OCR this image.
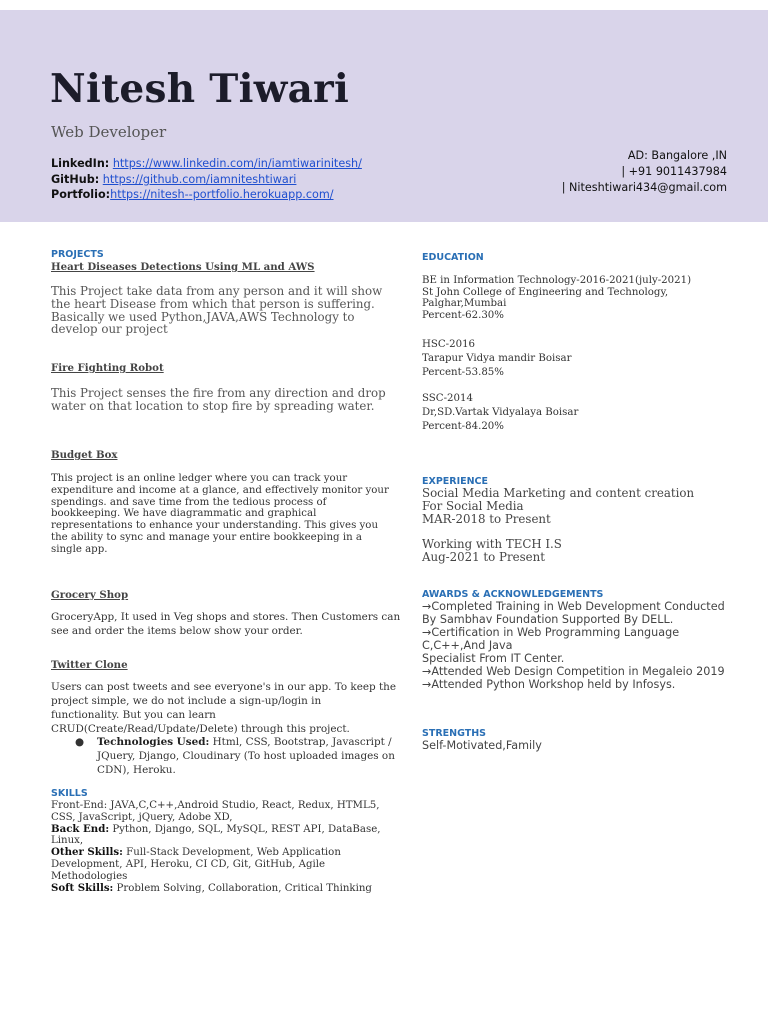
Nitesh Tiwari
Web Developer
LinkedIn: https://www.linkedin.com/in/iamtiwarinitesh/
GitHub: https://github.com/iamniteshtiwari
Portfolio:https://nitesh--portfolio.herokuapp.com/
AD: Bangalore ,IN
| +91 9011437984
| Niteshtiwari434@gmail.com
PROJECTS
Heart Diseases Detections Using ML and AWS
This Project take data from any person and it will show
the heart Disease from which that person is suffering.
Basically we used Python,JAVA,AWS Technology to
develop our project
Fire Fighting Robot
This Project senses the fire from any direction and drop
water on that location to stop fire by spreading water.
Budget Box
This project is an online ledger where you can track your
expenditure and income at a glance, and effectively monitor your
spendings. and save time from the tedious process of
bookkeeping. We have diagrammatic and graphical
representations to enhance your understanding. This gives you
the ability to sync and manage your entire bookkeeping in a
single app.
Grocery Shop
GroceryApp, It used in Veg shops and stores. Then Customers can
see and order the items below show your order.
Twitter Clone
Users can post tweets and see everyone's in our app. To keep the
project simple, we do not include a sign-up/login in
functionality. But you can learn
CRUD(Create/Read/Update/Delete) through this project.
● Technologies Used: Html, CSS, Bootstrap, Javascript /
JQuery, Django, Cloudinary (To host uploaded images on
CDN), Heroku.
SKILLS
Front-End: JAVA,C,C++,Android Studio, React, Redux, HTML5,
CSS, JavaScript, jQuery, Adobe XD,
Back End: Python, Django, SQL, MySQL, REST API, DataBase,
Linux,
Other Skills: Full-Stack Development, Web Application
Development, API, Heroku, CI CD, Git, GitHub, Agile
Methodologies
Soft Skills: Problem Solving, Collaboration, Critical Thinking
EDUCATION
BE in Information Technology-2016-2021(july-2021)
St John College of Engineering and Technology,
Palghar,Mumbai
Percent-62.30%
HSC-2016
Tarapur Vidya mandir Boisar
Percent-53.85%
SSC-2014
Dr,SD.Vartak Vidyalaya Boisar
Percent-84.20%
EXPERIENCE
Social Media Marketing and content creation
For Social Media
MAR-2018 to Present
Working with TECH I.S
Aug-2021 to Present
AWARDS & ACKNOWLEDGEMENTS
→Completed Training in Web Development Conducted
By Sambhav Foundation Supported By DELL.
→Certification in Web Programming Language
C,C++,And Java
Specialist From IT Center.
→Attended Web Design Competition in Megaleio 2019
→Attended Python Workshop held by Infosys.
STRENGTHS
Self-Motivated,Family
